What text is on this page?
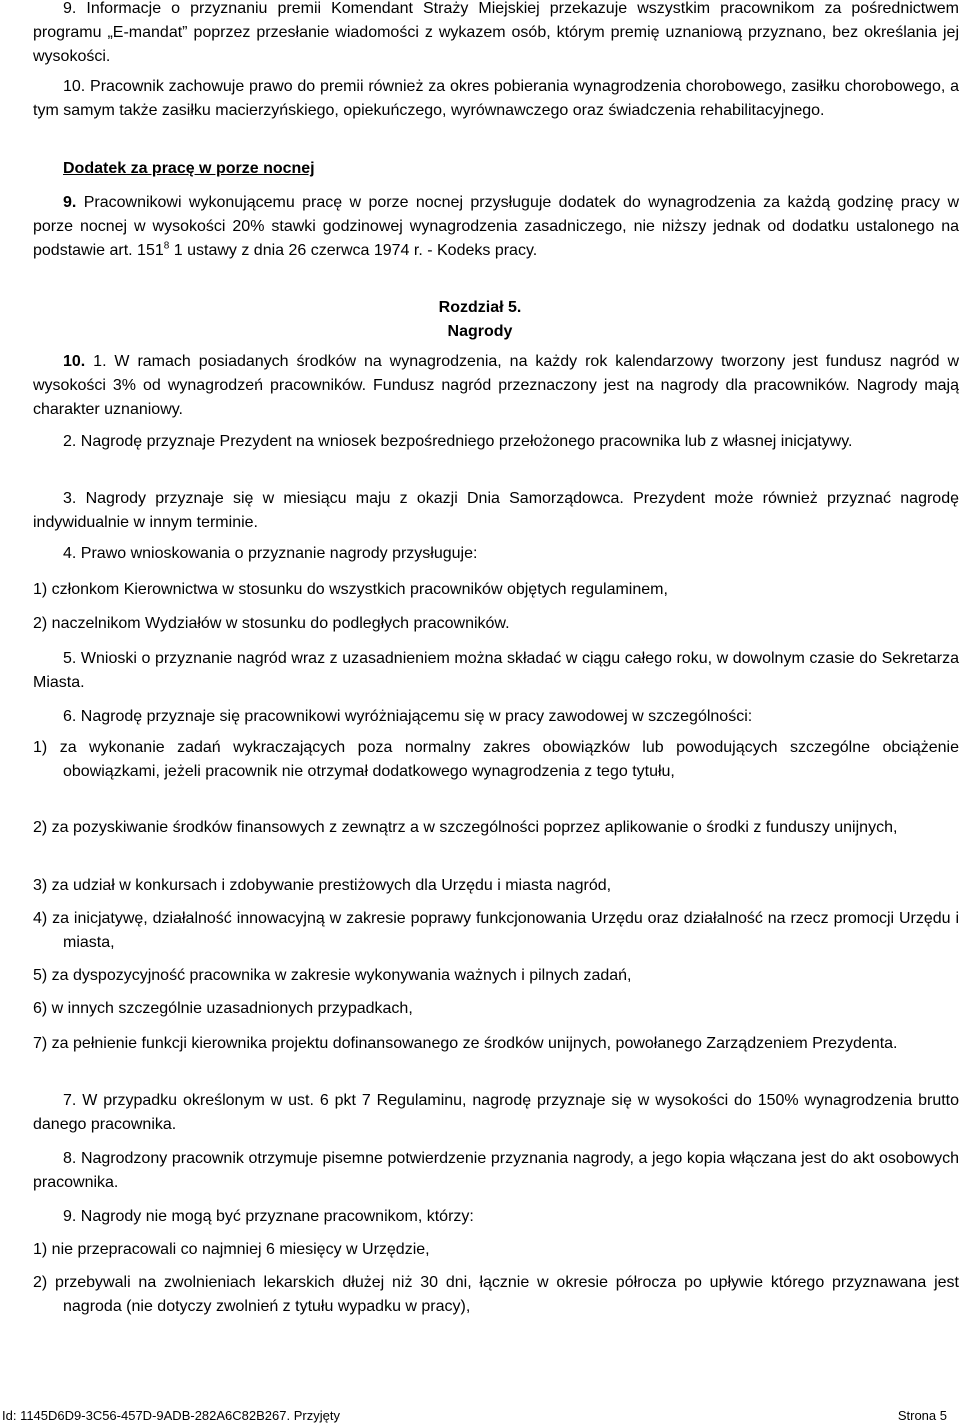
9. Informacje o przyznaniu premii Komendant Straży Miejskiej przekazuje wszystkim pracownikom za pośrednictwem programu „E-mandat” poprzez przesłanie wiadomości z wykazem osób, którym premię uznaniową przyznano, bez określania jej wysokości.

10. Pracownik zachowuje prawo do premii również za okres pobierania wynagrodzenia chorobowego, zasiłku chorobowego, a tym samym także zasiłku macierzyńskiego, opiekuńczego, wyrównawczego oraz świadczenia rehabilitacyjnego.

Dodatek za pracę w porze nocnej

9. Pracownikowi wykonującemu pracę w porze nocnej przysługuje dodatek do wynagrodzenia za każdą godzinę pracy w porze nocnej w wysokości 20% stawki godzinowej wynagrodzenia zasadniczego, nie niższy jednak od dodatku ustalonego na podstawie art. $151^8$ 1 ustawy z dnia 26 czerwca 1974 r. - Kodeks pracy.

Rozdział 5.

Nagrody

10. 1. W ramach posiadanych środków na wynagrodzenia, na każdy rok kalendarzowy tworzony jest fundusz nagród w wysokości 3% od wynagrodzeń pracowników. Fundusz nagród przeznaczony jest na nagrody dla pracowników. Nagrody mają charakter uznaniowy.

2. Nagrodę przyznaje Prezydent na wniosek bezpośredniego przełożonego pracownika lub z własnej inicjatywy.

3. Nagrody przyznaje się w miesiącu maju z okazji Dnia Samorządowca. Prezydent może również przyznać nagrodę indywidualnie w innym terminie.

4. Prawo wnioskowania o przyznanie nagrody przysługuje:

1) członkom Kierownictwa w stosunku do wszystkich pracowników objętych regulaminem,

2) naczelnikom Wydziałów w stosunku do podległych pracowników.

5. Wnioski o przyznanie nagród wraz z uzasadnieniem można składać w ciągu całego roku, w dowolnym czasie do Sekretarza Miasta.

6. Nagrodę przyznaje się pracownikowi wyróżniającemu się w pracy zawodowej w szczególności:

1) za wykonanie zadań wykraczających poza normalny zakres obowiązków lub powodujących szczególne obciążenie obowiązkami, jeżeli pracownik nie otrzymał dodatkowego wynagrodzenia z tego tytułu,

2) za pozyskiwanie środków finansowych z zewnątrz a w szczególności poprzez aplikowanie o środki z funduszy unijnych,

3) za udział w konkursach i zdobywanie prestiżowych dla Urzędu i miasta nagród,

4) za inicjatywę, działalność innowacyjną w zakresie poprawy funkcjonowania Urzędu oraz działalność na rzecz promocji Urzędu i miasta,

5) za dyspozycyjność pracownika w zakresie wykonywania ważnych i pilnych zadań,

6) w innych szczególnie uzasadnionych przypadkach,

7) za pełnienie funkcji kierownika projektu dofinansowanego ze środków unijnych, powołanego Zarządzeniem Prezydenta.

7. W przypadku określonym w ust. 6 pkt 7 Regulaminu, nagrodę przyznaje się w wysokości do 150% wynagrodzenia brutto danego pracownika.

8. Nagrodzony pracownik otrzymuje pisemne potwierdzenie przyznania nagrody, a jego kopia włączana jest do akt osobowych pracownika.

9. Nagrody nie mogą być przyznane pracownikom, którzy:

1) nie przepracowali co najmniej 6 miesięcy w Urzędzie,

2) przebywali na zwolnieniach lekarskich dłużej niż 30 dni, łącznie w okresie półrocza po upływie którego przyznawana jest nagroda (nie dotyczy zwolnień z tytułu wypadku w pracy),

Id: 1145D6D9-3C56-457D-9ADB-282A6C82B267. Przyjęty	Strona 5
